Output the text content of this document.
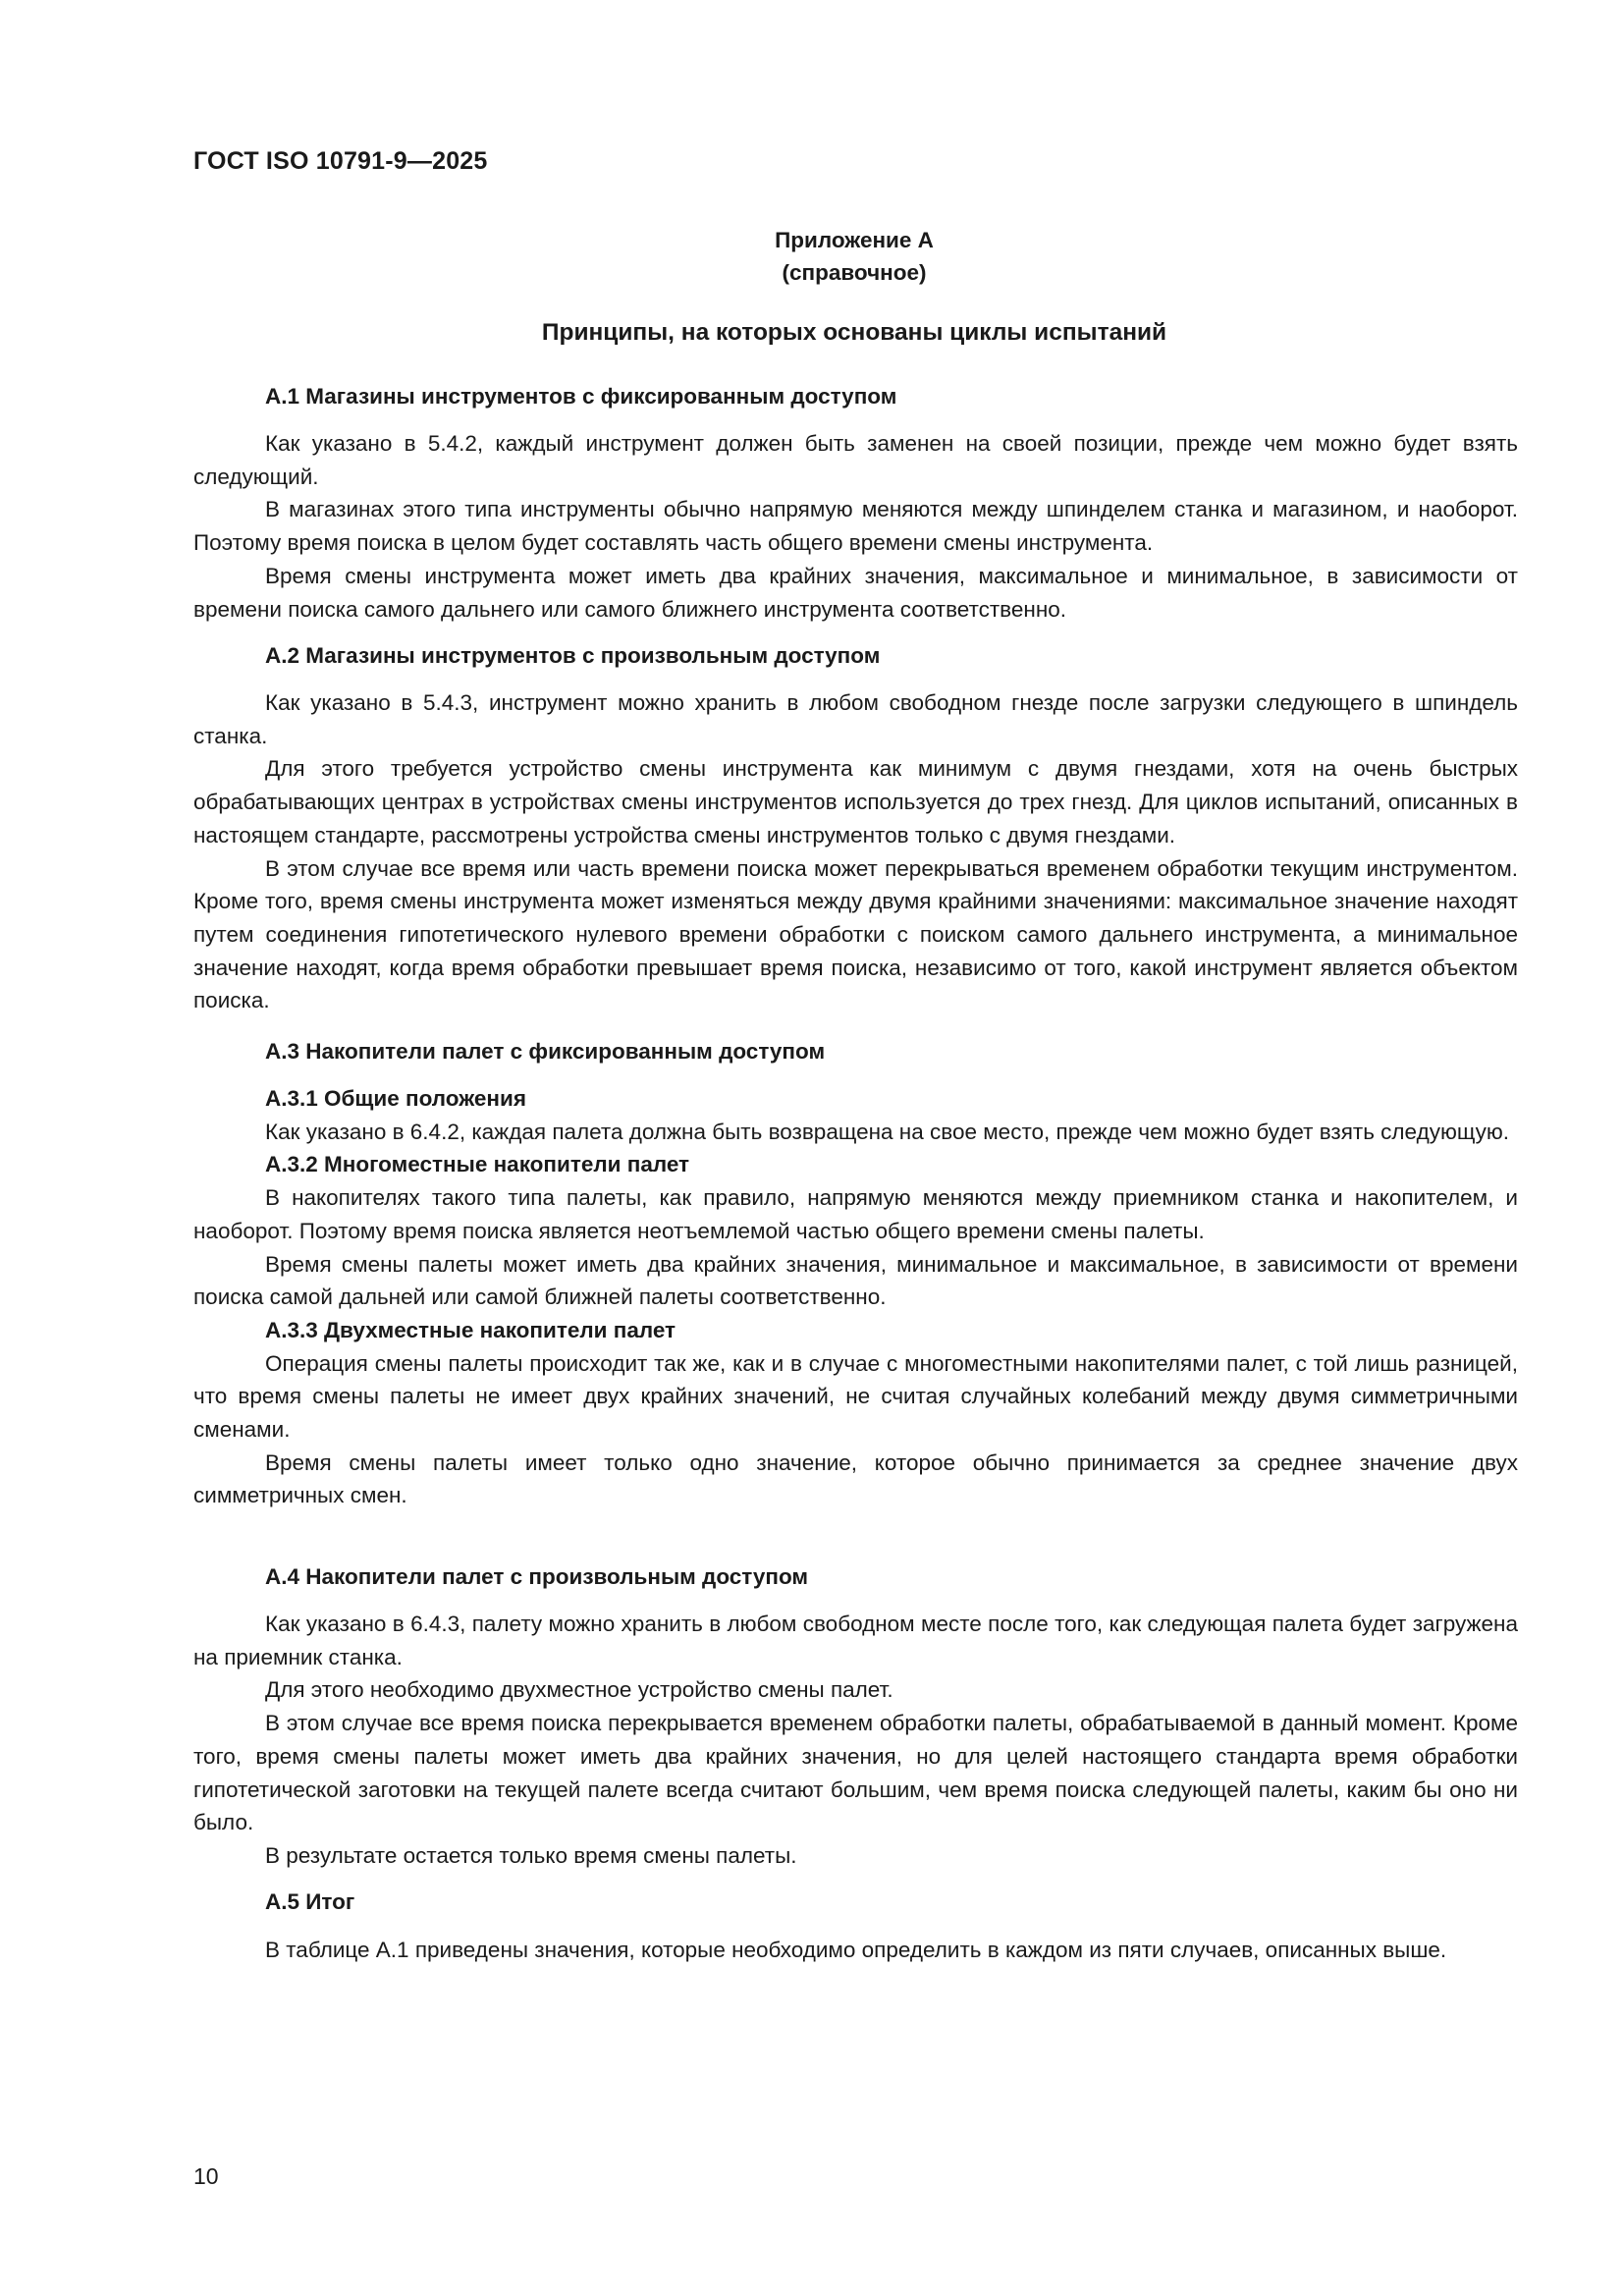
ГОСТ ISO 10791-9—2025
Приложение А
(справочное)
Принципы, на которых основаны циклы испытаний
А.1 Магазины инструментов с фиксированным доступом

Как указано в 5.4.2, каждый инструмент должен быть заменен на своей позиции, прежде чем можно будет взять следующий.

В магазинах этого типа инструменты обычно напрямую меняются между шпинделем станка и магазином, и наоборот. Поэтому время поиска в целом будет составлять часть общего времени смены инструмента.

Время смены инструмента может иметь два крайних значения, максимальное и минимальное, в зависимости от времени поиска самого дальнего или самого ближнего инструмента соответственно.

А.2 Магазины инструментов с произвольным доступом

Как указано в 5.4.3, инструмент можно хранить в любом свободном гнезде после загрузки следующего в шпиндель станка.

Для этого требуется устройство смены инструмента как минимум с двумя гнездами, хотя на очень быстрых обрабатывающих центрах в устройствах смены инструментов используется до трех гнезд. Для циклов испытаний, описанных в настоящем стандарте, рассмотрены устройства смены инструментов только с двумя гнездами.

В этом случае все время или часть времени поиска может перекрываться временем обработки текущим инструментом. Кроме того, время смены инструмента может изменяться между двумя крайними значениями: максимальное значение находят путем соединения гипотетического нулевого времени обработки с поиском самого дальнего инструмента, а минимальное значение находят, когда время обработки превышает время поиска, независимо от того, какой инструмент является объектом поиска.

А.3 Накопители палет с фиксированным доступом
А.3.1 Общие положения

Как указано в 6.4.2, каждая палета должна быть возвращена на свое место, прежде чем можно будет взять следующую.

А.3.2 Многоместные накопители палет

В накопителях такого типа палеты, как правило, напрямую меняются между приемником станка и накопителем, и наоборот. Поэтому время поиска является неотъемлемой частью общего времени смены палеты.

Время смены палеты может иметь два крайних значения, минимальное и максимальное, в зависимости от времени поиска самой дальней или самой ближней палеты соответственно.

А.3.3 Двухместные накопители палет

Операция смены палеты происходит так же, как и в случае с многоместными накопителями палет, с той лишь разницей, что время смены палеты не имеет двух крайних значений, не считая случайных колебаний между двумя симметричными сменами.

Время смены палеты имеет только одно значение, которое обычно принимается за среднее значение двух симметричных смен.

А.4 Накопители палет с произвольным доступом

Как указано в 6.4.3, палету можно хранить в любом свободном месте после того, как следующая палета будет загружена на приемник станка.

Для этого необходимо двухместное устройство смены палет.

В этом случае все время поиска перекрывается временем обработки палеты, обрабатываемой в данный момент. Кроме того, время смены палеты может иметь два крайних значения, но для целей настоящего стандарта время обработки гипотетической заготовки на текущей палете всегда считают большим, чем время поиска следующей палеты, каким бы оно ни было.

В результате остается только время смены палеты.

А.5 Итог

В таблице А.1 приведены значения, которые необходимо определить в каждом из пяти случаев, описанных выше.

10
